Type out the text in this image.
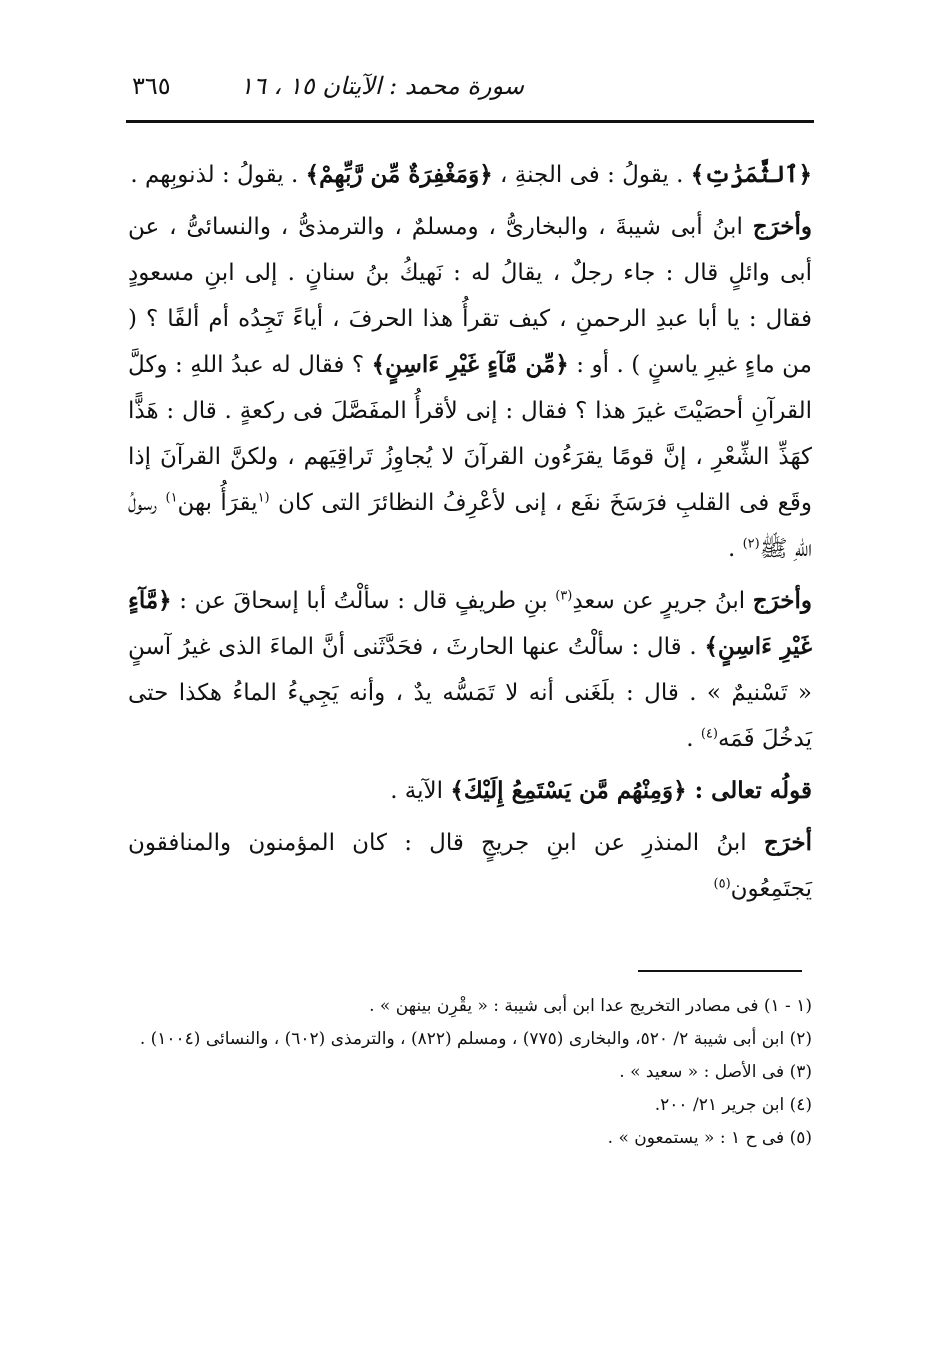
سورة محمد : الآيتان ١٥ ، ١٦
٣٦٥

﴿ٱلثَّمَرَٰتِ﴾ . يقولُ : فى الجنةِ ، ﴿وَمَغْفِرَةٌ مِّن رَّبِّهِمْ﴾ . يقولُ : لذنوبِهم .

وأخرَج ابنُ أبى شيبةَ ، والبخارىُّ ، ومسلمٌ ، والترمذىُّ ، والنسائىُّ ، عن أبى وائلٍ قال : جاء رجلٌ ، يقالُ له : نَهيكُ بنُ سنانٍ . إلى ابنِ مسعودٍ فقال : يا أبا عبدِ الرحمنِ ، كيف تقرأُ هذا الحرفَ ، أياءً تَجِدُه أم ألفًا ؟ ( من ماءٍ غيرِ ياسنٍ ) . أو : ﴿مِّن مَّآءٍ غَيْرِ ءَاسِنٍ﴾ ؟ فقال له عبدُ اللهِ : وكلَّ القرآنِ أحصَيْتَ غيرَ هذا ؟ فقال : إنى لأقرأُ المفَصَّلَ فى ركعةٍ . قال : هَذًّا كهَذِّ الشِّعْرِ ، إنَّ قومًا يقرَءُون القرآنَ لا يُجاوِزُ تَراقِيَهم ، ولكنَّ القرآنَ إذا وقَع فى القلبِ فرَسَخَ نفَع ، إنى لأعْرِفُ النظائرَ التى كان $^{(١}$يقرَأُ بهن$^{١)}$ رسولُ اللهِ ﷺ$^{(٢)}$ .

وأخرَج ابنُ جريرٍ عن سعدِ$^{(٣)}$ بنِ طريفٍ قال : سألْتُ أبا إسحاقَ عن : ﴿مَّآءٍ غَيْرِ ءَاسِنٍ﴾ . قال : سألْتُ عنها الحارثَ ، فحَدَّثَنى أنَّ الماءَ الذى غيرُ آسنٍ « تَسْنيمٌ » . قال : بلَغَنى أنه لا تَمَسُّه يدٌ ، وأنه يَجِيءُ الماءُ هكذا حتى يَدخُلَ فَمَه$^{(٤)}$ .

قولُه تعالى : ﴿وَمِنْهُم مَّن يَسْتَمِعُ إِلَيْكَ﴾ الآية .

أخرَج ابنُ المنذرِ عن ابنِ جريجٍ قال : كان المؤمنون والمنافقون يَجتَمِعُون$^{(٥)}$

(١ - ١) فى مصادر التخريج عدا ابن أبى شيبة : « يقْرِن بينهن » .

(٢) ابن أبى شيبة ٢/ ٥٢٠، والبخارى (٧٧٥) ، ومسلم (٨٢٢) ، والترمذى (٦٠٢) ، والنسائى (١٠٠٤) .

(٣) فى الأصل : « سعيد » .

(٤) ابن جرير ٢١/ ٢٠٠.

(٥) فى ح ١ : « يستمعون » .
